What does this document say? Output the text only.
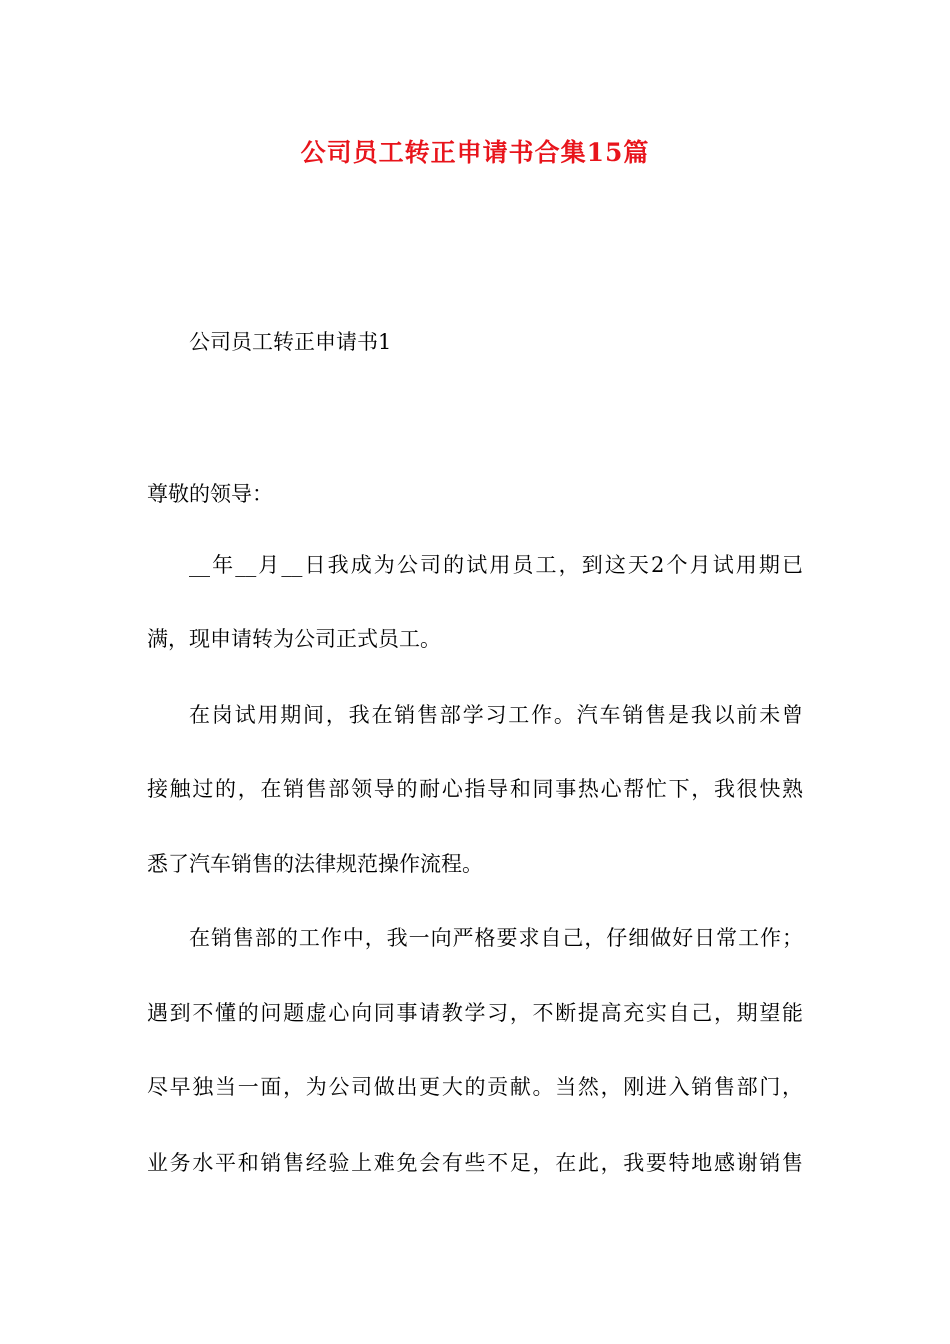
公司员工转正申请书合集15篇
公司员工转正申请书1
尊敬的领导：
__年__月__日我成为公司的试用员工，到这天2个月试用期已
满，现申请转为公司正式员工。
在岗试用期间，我在销售部学习工作。汽车销售是我以前未曾
接触过的，在销售部领导的耐心指导和同事热心帮忙下，我很快熟
悉了汽车销售的法律规范操作流程。
在销售部的工作中，我一向严格要求自己，仔细做好日常工作；
遇到不懂的问题虚心向同事请教学习，不断提高充实自己，期望能
尽早独当一面，为公司做出更大的贡献。当然，刚进入销售部门，
业务水平和销售经验上难免会有些不足，在此，我要特地感谢销售
